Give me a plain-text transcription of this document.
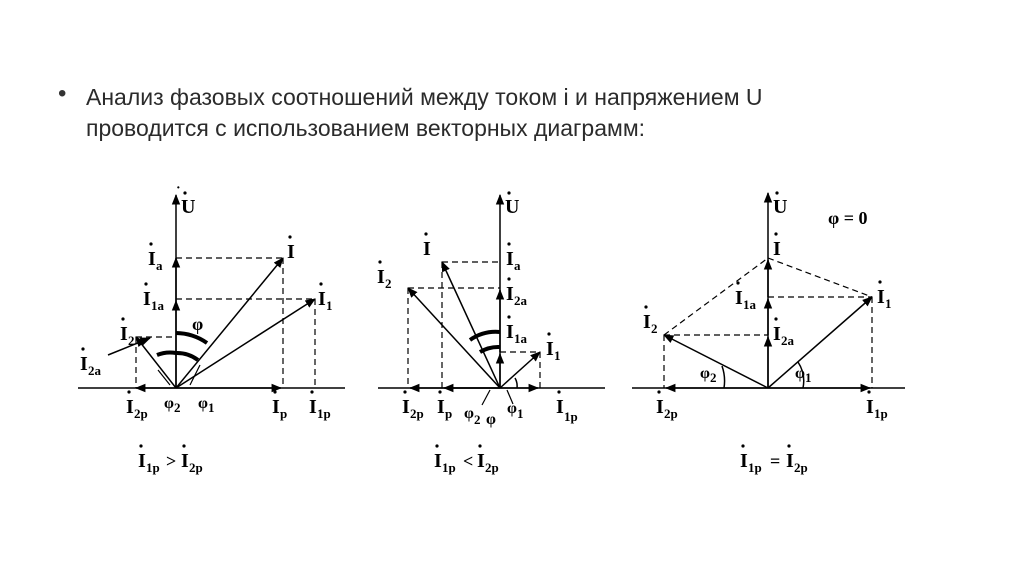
• Анализ фазовых соотношений между током i и напряжением U
проводится с использованием векторных диаграмм:
U
I a
I 1a
I 2
I 2a
I
I 1
φ
φ 2 φ 1
I 2p	I p I 1p
I 1p > I 2p
·
U
I	I a
I 2	I 2a
I 1a I 1
I 2p I p φ 2 φ
φ 1 I 1p
I 1p < I 2p
U φ = 0
I
I 1a	I 1
I 2	I 2a
φ 2	φ 1
I 2p	I 1p
I 1p = I 2p
